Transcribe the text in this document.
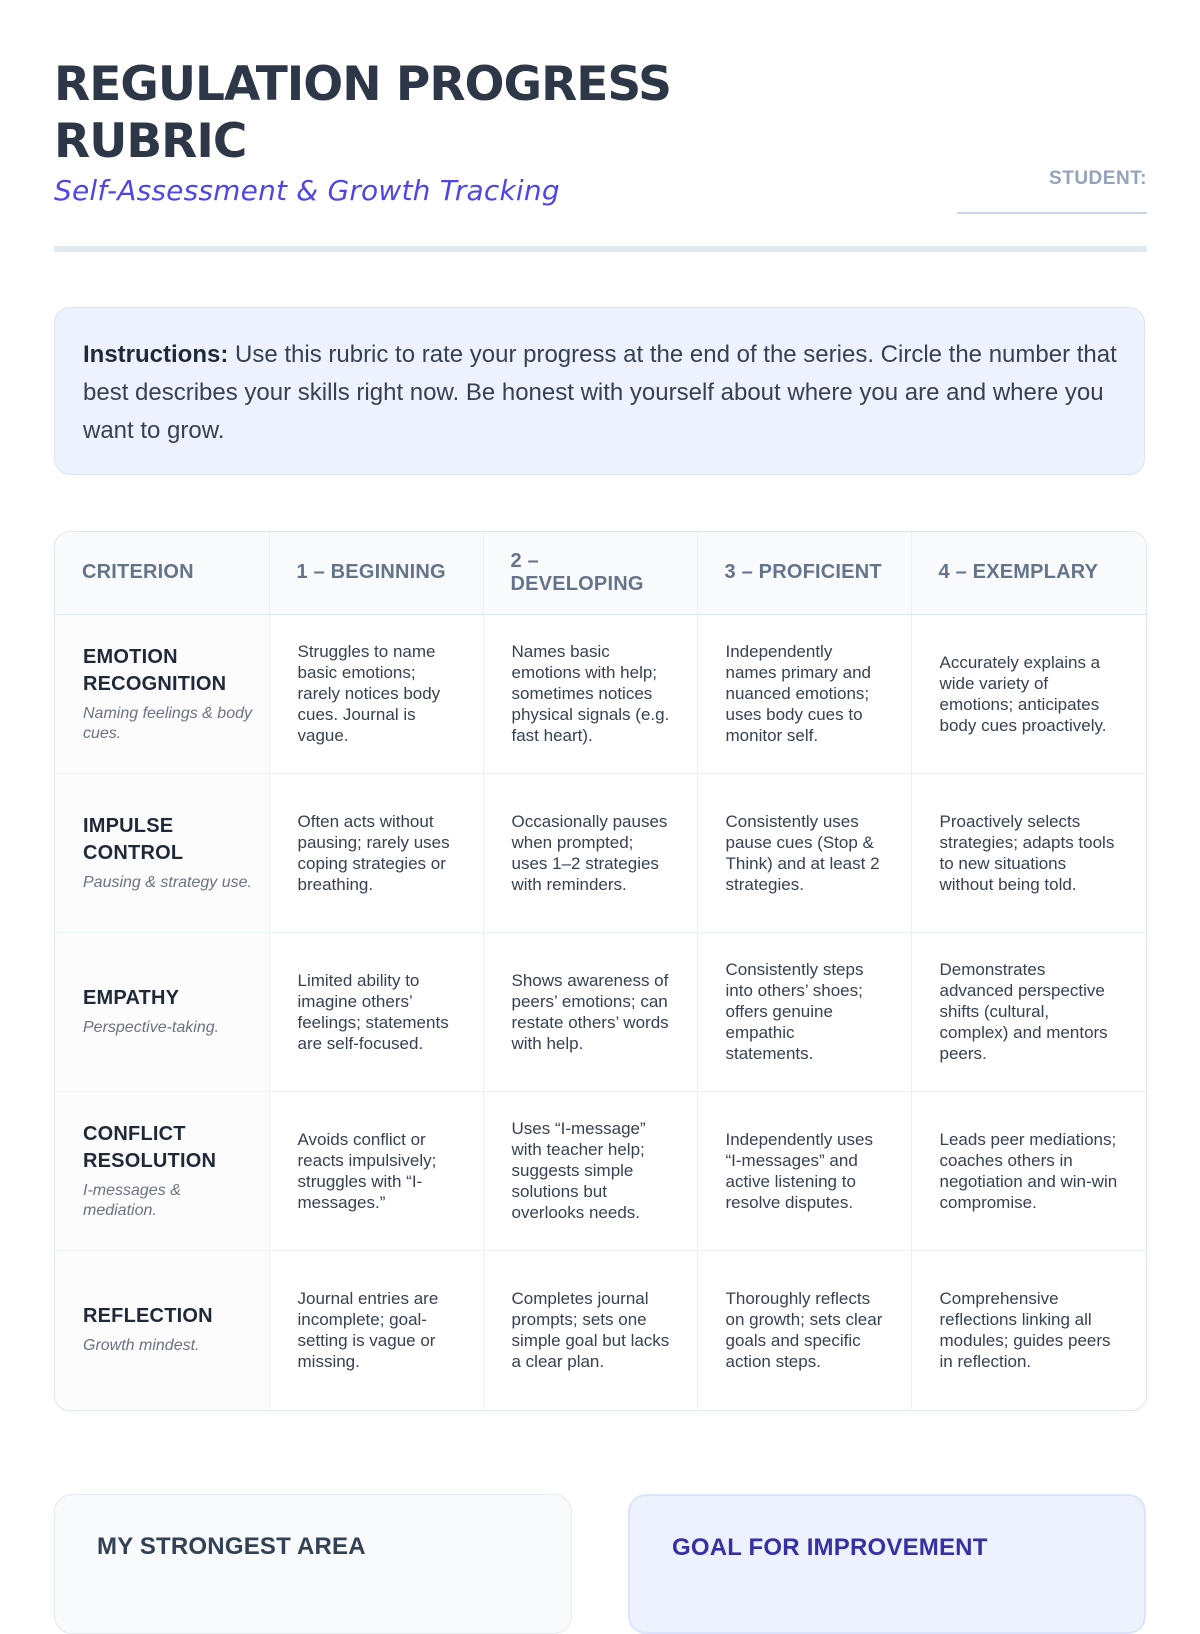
REGULATION PROGRESS RUBRIC
Self-Assessment & Growth Tracking	STUDENT:
Instructions: Use this rubric to rate your progress at the end of the series. Circle the number that best describes your skills right now. Be honest with yourself about where you are and where you want to grow.
CRITERION	1 – BEGINNING	2 – DEVELOPING	3 – PROFICIENT	4 – EXEMPLARY

EMOTION RECOGNITION
Naming feelings & body cues.	Struggles to name basic emotions; rarely notices body cues. Journal is vague.	Names basic emotions with help; sometimes notices physical signals (e.g. fast heart).	Independently names primary and nuanced emotions; uses body cues to monitor self.	Accurately explains a wide variety of emotions; anticipates body cues proactively.

IMPULSE CONTROL
Pausing & strategy use.	Often acts without pausing; rarely uses coping strategies or breathing.	Occasionally pauses when prompted; uses 1–2 strategies with reminders.	Consistently uses pause cues (Stop & Think) and at least 2 strategies.	Proactively selects strategies; adapts tools to new situations without being told.

EMPATHY
Perspective-taking.	Limited ability to imagine others’ feelings; statements are self-focused.	Shows awareness of peers’ emotions; can restate others’ words with help.	Consistently steps into others’ shoes; offers genuine empathic statements.	Demonstrates advanced perspective shifts (cultural, complex) and mentors peers.

CONFLICT RESOLUTION
I-messages & mediation.	Avoids conflict or reacts impulsively; struggles with “I-messages.”	Uses “I-message” with teacher help; suggests simple solutions but overlooks needs.	Independently uses “I-messages” and active listening to resolve disputes.	Leads peer mediations; coaches others in negotiation and win-win compromise.

REFLECTION
Growth mindest.	Journal entries are incomplete; goal-setting is vague or missing.	Completes journal prompts; sets one simple goal but lacks a clear plan.	Thoroughly reflects on growth; sets clear goals and specific action steps.	Comprehensive reflections linking all modules; guides peers in reflection.
MY STRONGEST AREA	GOAL FOR IMPROVEMENT
